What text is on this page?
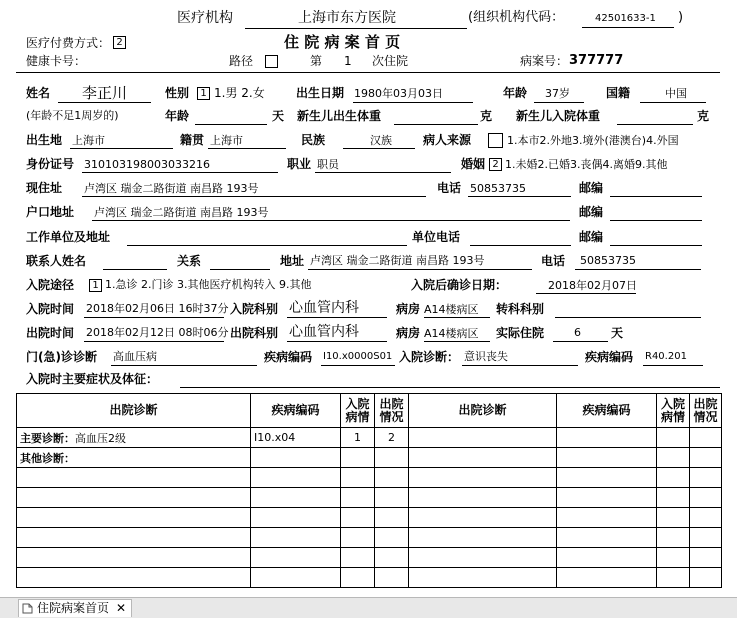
医疗机构	上海市东方医院	(组织机构代码：	42501633-1 )
住 院 病 案 首 页
医疗付费方式： 2
健康卡号：	路径	第 1 次住院	病案号： 377777
姓名 李正川	性别	1 1.男 2.女	出生日期 1980年03月03日	年龄 37岁	国籍	中国
(年龄不足1周岁的)	年龄	天 新生儿出生体重	克 新生儿入院体重	克
出生地 上海市	籍贯 上海市	民族	汉族	病人来源	1.本市2.外地3.境外(港澳台)4.外国
身份证号 310103198003033216	职业 职员	婚姻 2 1.未婚2.已婚3.丧偶4.离婚9.其他
现住址 卢湾区 瑞金二路街道 南昌路 193号	电话 50853735	邮编
户口地址 卢湾区 瑞金二路街道 南昌路 193号	邮编
工作单位及地址	单位电话	邮编
联系人姓名	关系	地址 卢湾区 瑞金二路街道 南昌路 193号	电话 50853735
入院途径	1 1.急诊 2.门诊 3.其他医疗机构转入 9.其他	入院后确诊日期：	2018年02月07日
入院时间 2018年02月06日 16时37分 入院科别 心血管内科	病房 A14楼病区 转科科别
出院时间 2018年02月12日 08时06分 出院科别 心血管内科	病房 A14楼病区 实际住院	6	天
门(急)诊诊断 高血压病	疾病编码 I10.x0000S01 入院诊断： 意识丧失	疾病编码 R40.201
入院时主要症状及体征：
出院诊断	疾病编码	入院病情	出院情况	出院诊断	疾病编码	入院病情	出院情况
主要诊断：高血压2级	I10.x04	1	2				
其他诊断：							

住院病案首页 ✕
